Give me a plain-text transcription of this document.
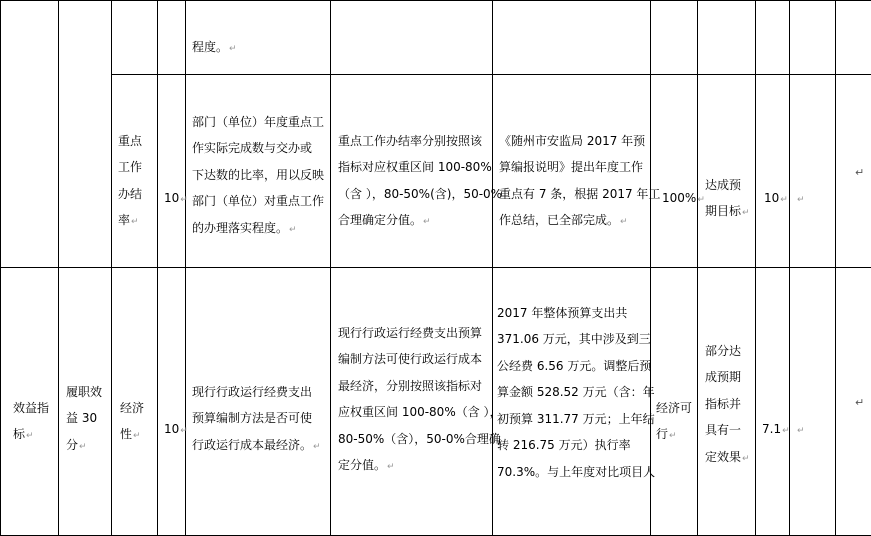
程度。↵

重点
工作
办结
率↵

10↵

部门（单位）年度重点工
作实际完成数与交办或
下达数的比率，用以反映
部门（单位）对重点工作
的办理落实程度。↵

重点工作办结率分别按照该
指标对应权重区间 100-80%
（含 ），80-50%(含)，50-0%
合理确定分值。↵

《随州市安监局 2017 年预
算编报说明》提出年度工作
重点有 7 条，根据 2017 年工
作总结，已全部完成。↵

100%↵

达成预
期目标↵

10↵ ↵

↵

效益指
标↵

履职效
益 30
分↵

经济
性↵

10↵

现行行政运行经费支出
预算编制方法是否可使
行政运行成本最经济。↵

现行行政运行经费支出预算
编制方法可使行政运行成本
最经济，分别按照该指标对
应权重区间 100-80%（含 ），
80-50%（含），50-0%合理确
定分值。↵

2017 年整体预算支出共
371.06 万元，其中涉及到三
公经费 6.56 万元。调整后预
算金额 528.52 万元（含：年
初预算 311.77 万元；上年结
转 216.75 万元）执行率
70.3%。与上年度对比项目人

经济可
行↵

部分达
成预期
指标并
具有一
定效果↵

7.1↵ ↵

↵
